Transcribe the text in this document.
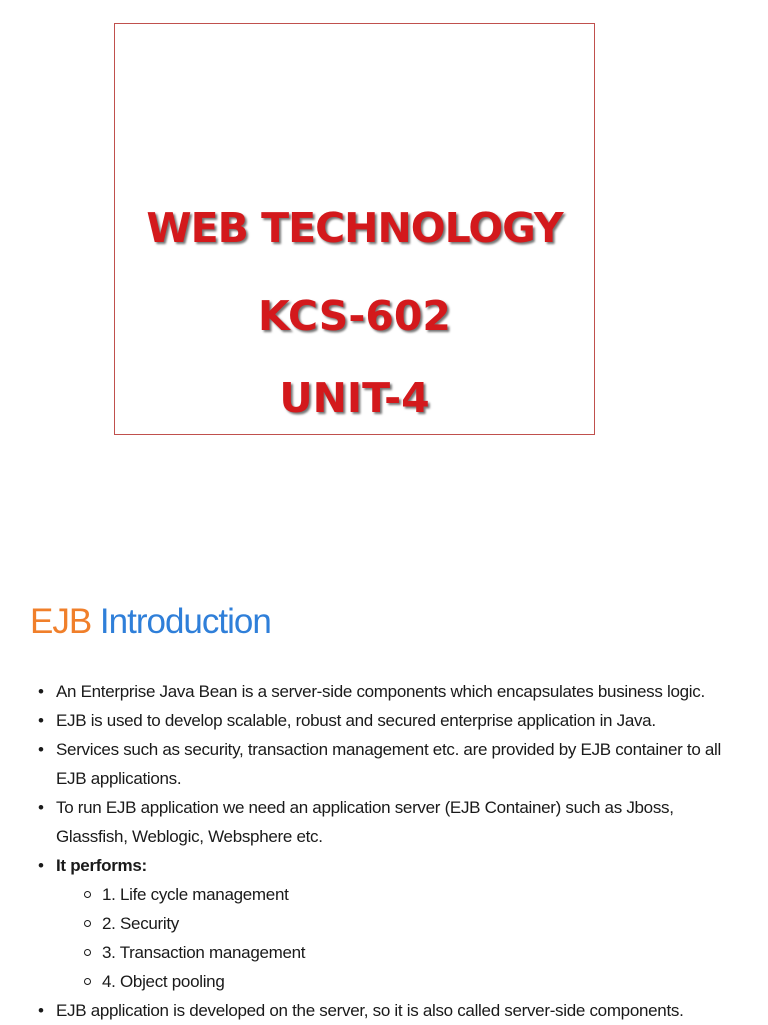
WEB TECHNOLOGY
KCS-602
UNIT-4
EJB Introduction
• An Enterprise Java Bean is a server-side components which encapsulates business logic.
• EJB is used to develop scalable, robust and secured enterprise application in Java.
• Services such as security, transaction management etc. are provided by EJB container to all EJB applications.
• To run EJB application we need an application server (EJB Container) such as Jboss, Glassfish, Weblogic, Websphere etc.
• It performs:
1. Life cycle management
2. Security
3. Transaction management
4. Object pooling
• EJB application is developed on the server, so it is also called server-side components.
